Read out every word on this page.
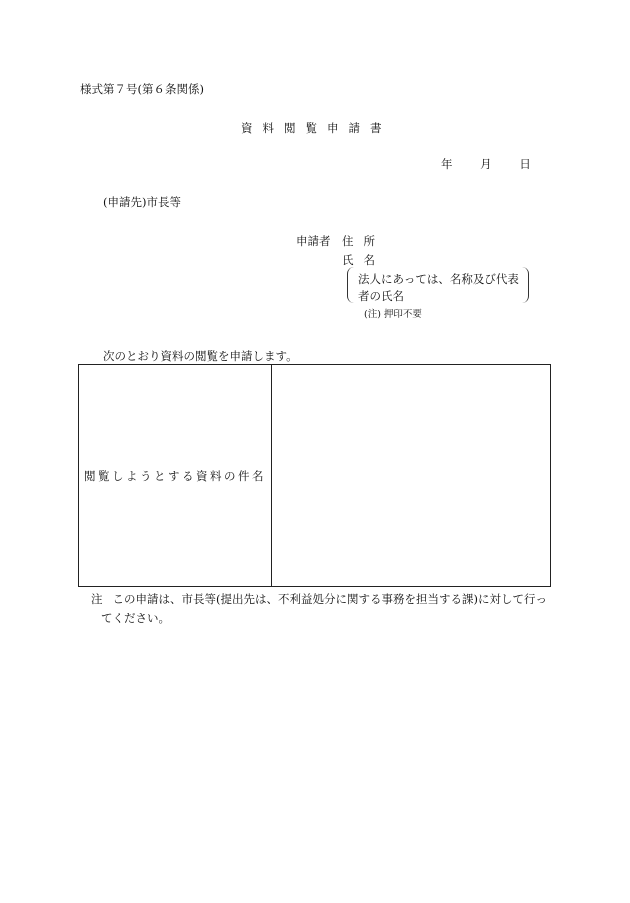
様式第７号(第６条関係)
資料閲覧申請書
年 月 日
(申請先)市長等
申請者 住所
氏名
法人にあっては、名称及び代表者の氏名
(注) 押印不要
次のとおり資料の閲覧を申請します。
閲覧しようとする資料の件名
注 この申請は、市長等(提出先は、不利益処分に関する事務を担当する課)に対して行っ
てください。
